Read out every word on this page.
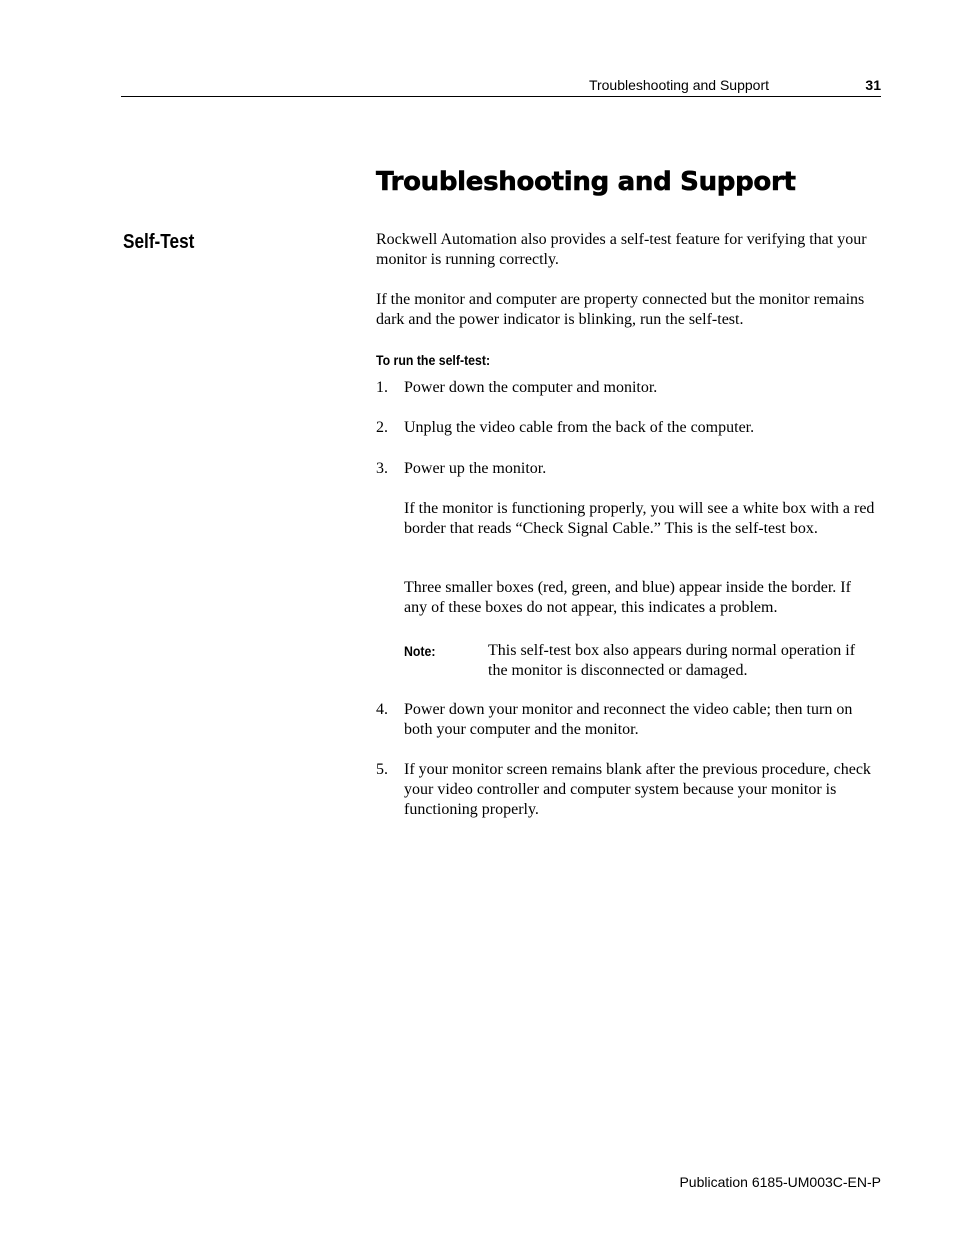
Troubleshooting and Support	31
Troubleshooting and Support
Self-Test	Rockwell Automation also provides a self-test feature for verifying that your monitor is running correctly.

If the monitor and computer are property connected but the monitor remains dark and the power indicator is blinking, run the self-test.

To run the self-test:
1. Power down the computer and monitor.
2. Unplug the video cable from the back of the computer.
3. Power up the monitor.

If the monitor is functioning properly, you will see a white box with a red border that reads “Check Signal Cable.” This is the self-test box.

Three smaller boxes (red, green, and blue) appear inside the border. If any of these boxes do not appear, this indicates a problem.

Note:	This self-test box also appears during normal operation if the monitor is disconnected or damaged.

4. Power down your monitor and reconnect the video cable; then turn on both your computer and the monitor.
5. If your monitor screen remains blank after the previous procedure, check your video controller and computer system because your monitor is functioning properly.
Publication 6185-UM003C-EN-P
